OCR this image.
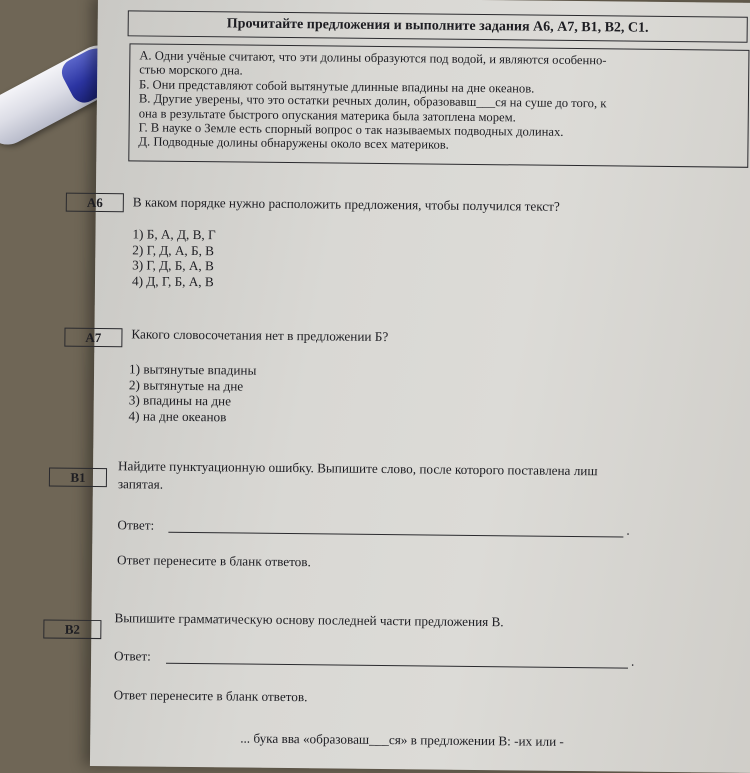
Прочитайте предложения и выполните задания А6, А7, В1, В2, С1.
А. Одни учёные считают, что эти долины образуются под водой, и являются особенно-
стью морского дна.
Б. Они представляют собой вытянутые длинные впадины на дне океанов.
В. Другие уверены, что это остатки речных долин, образовавш___ся на суше до того, к
она в результате быстрого опускания материка была затоплена морем.
Г. В науке о Земле есть спорный вопрос о так называемых подводных долинах.
Д. Подводные долины обнаружены около всех материков.
А6	В каком порядке нужно расположить предложения, чтобы получился текст?
1) Б, А, Д, В, Г
2) Г, Д, А, Б, В
3) Г, Д, Б, А, В
4) Д, Г, Б, А, В
А7	Какого словосочетания нет в предложении Б?
1) вытянутые впадины
2) вытянутые на дне
3) впадины на дне
4) на дне океанов
В1	Найдите пунктуационную ошибку. Выпишите слово, после которого поставлена лиш
запятая.
Ответ:	.
Ответ перенесите в бланк ответов.
В2	Выпишите грамматическую основу последней части предложения В.
Ответ:	.
Ответ перенесите в бланк ответов.
... бука вва «образоваш___ся» в предложении В: -их или -
